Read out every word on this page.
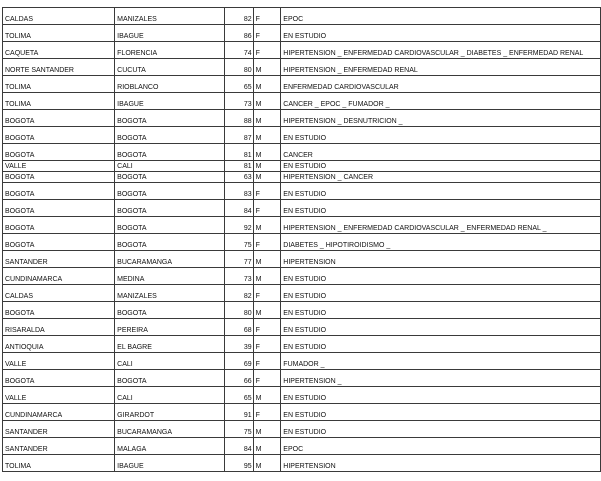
CALDAS	MANIZALES	82	F	EPOC
TOLIMA	IBAGUE	86	F	EN ESTUDIO
CAQUETA	FLORENCIA	74	F	HIPERTENSION _ ENFERMEDAD CARDIOVASCULAR _ DIABETES _ ENFERMEDAD RENAL
NORTE SANTANDER	CUCUTA	80	M	HIPERTENSION _ ENFERMEDAD RENAL
TOLIMA	RIOBLANCO	65	M	ENFERMEDAD CARDIOVASCULAR
TOLIMA	IBAGUE	73	M	CANCER _ EPOC _ FUMADOR _
BOGOTA	BOGOTA	88	M	HIPERTENSION _ DESNUTRICION _
BOGOTA	BOGOTA	87	M	EN ESTUDIO
BOGOTA	BOGOTA	81	M	CANCER
VALLE	CALI	81	M	EN ESTUDIO
BOGOTA	BOGOTA	63	M	HIPERTENSION _ CANCER
BOGOTA	BOGOTA	83	F	EN ESTUDIO
BOGOTA	BOGOTA	84	F	EN ESTUDIO
BOGOTA	BOGOTA	92	M	HIPERTENSION _ ENFERMEDAD CARDIOVASCULAR _ ENFERMEDAD RENAL _
BOGOTA	BOGOTA	75	F	DIABETES _ HIPOTIROIDISMO _
SANTANDER	BUCARAMANGA	77	M	HIPERTENSION
CUNDINAMARCA	MEDINA	73	M	EN ESTUDIO
CALDAS	MANIZALES	82	F	EN ESTUDIO
BOGOTA	BOGOTA	80	M	EN ESTUDIO
RISARALDA	PEREIRA	68	F	EN ESTUDIO
ANTIOQUIA	EL BAGRE	39	F	EN ESTUDIO
VALLE	CALI	69	F	FUMADOR _
BOGOTA	BOGOTA	66	F	HIPERTENSION _
VALLE	CALI	65	M	EN ESTUDIO
CUNDINAMARCA	GIRARDOT	91	F	EN ESTUDIO
SANTANDER	BUCARAMANGA	75	M	EN ESTUDIO
SANTANDER	MALAGA	84	M	EPOC
TOLIMA	IBAGUE	95	M	HIPERTENSION
